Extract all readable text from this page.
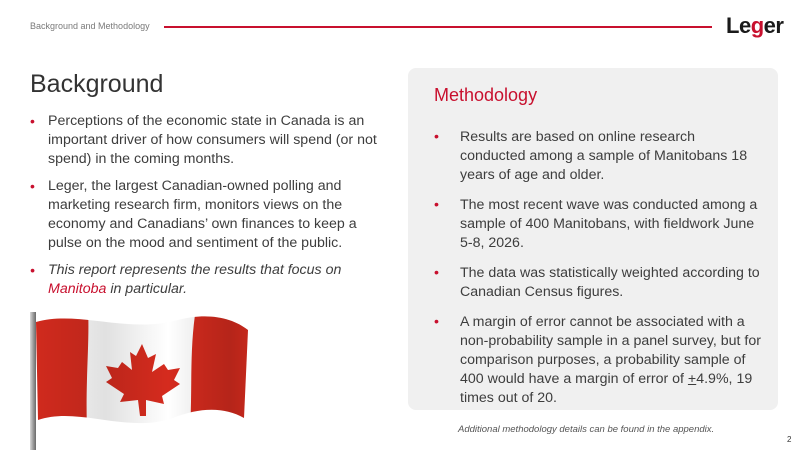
Background and Methodology	Leger
Background
• Perceptions of the economic state in Canada is an important driver of how consumers will spend (or not spend) in the coming months.
• Leger, the largest Canadian-owned polling and marketing research firm, monitors views on the economy and Canadians’ own finances to keep a pulse on the mood and sentiment of the public.
• This report represents the results that focus on Manitoba in particular.
Methodology
• Results are based on online research conducted among a sample of Manitobans 18 years of age and older.
• The most recent wave was conducted among a sample of 400 Manitobans, with fieldwork June 5-8, 2026.
• The data was statistically weighted according to Canadian Census figures.
• A margin of error cannot be associated with a non-probability sample in a panel survey, but for comparison purposes, a probability sample of 400 would have a margin of error of +4.9%, 19 times out of 20.
Additional methodology details can be found in the appendix.
2
